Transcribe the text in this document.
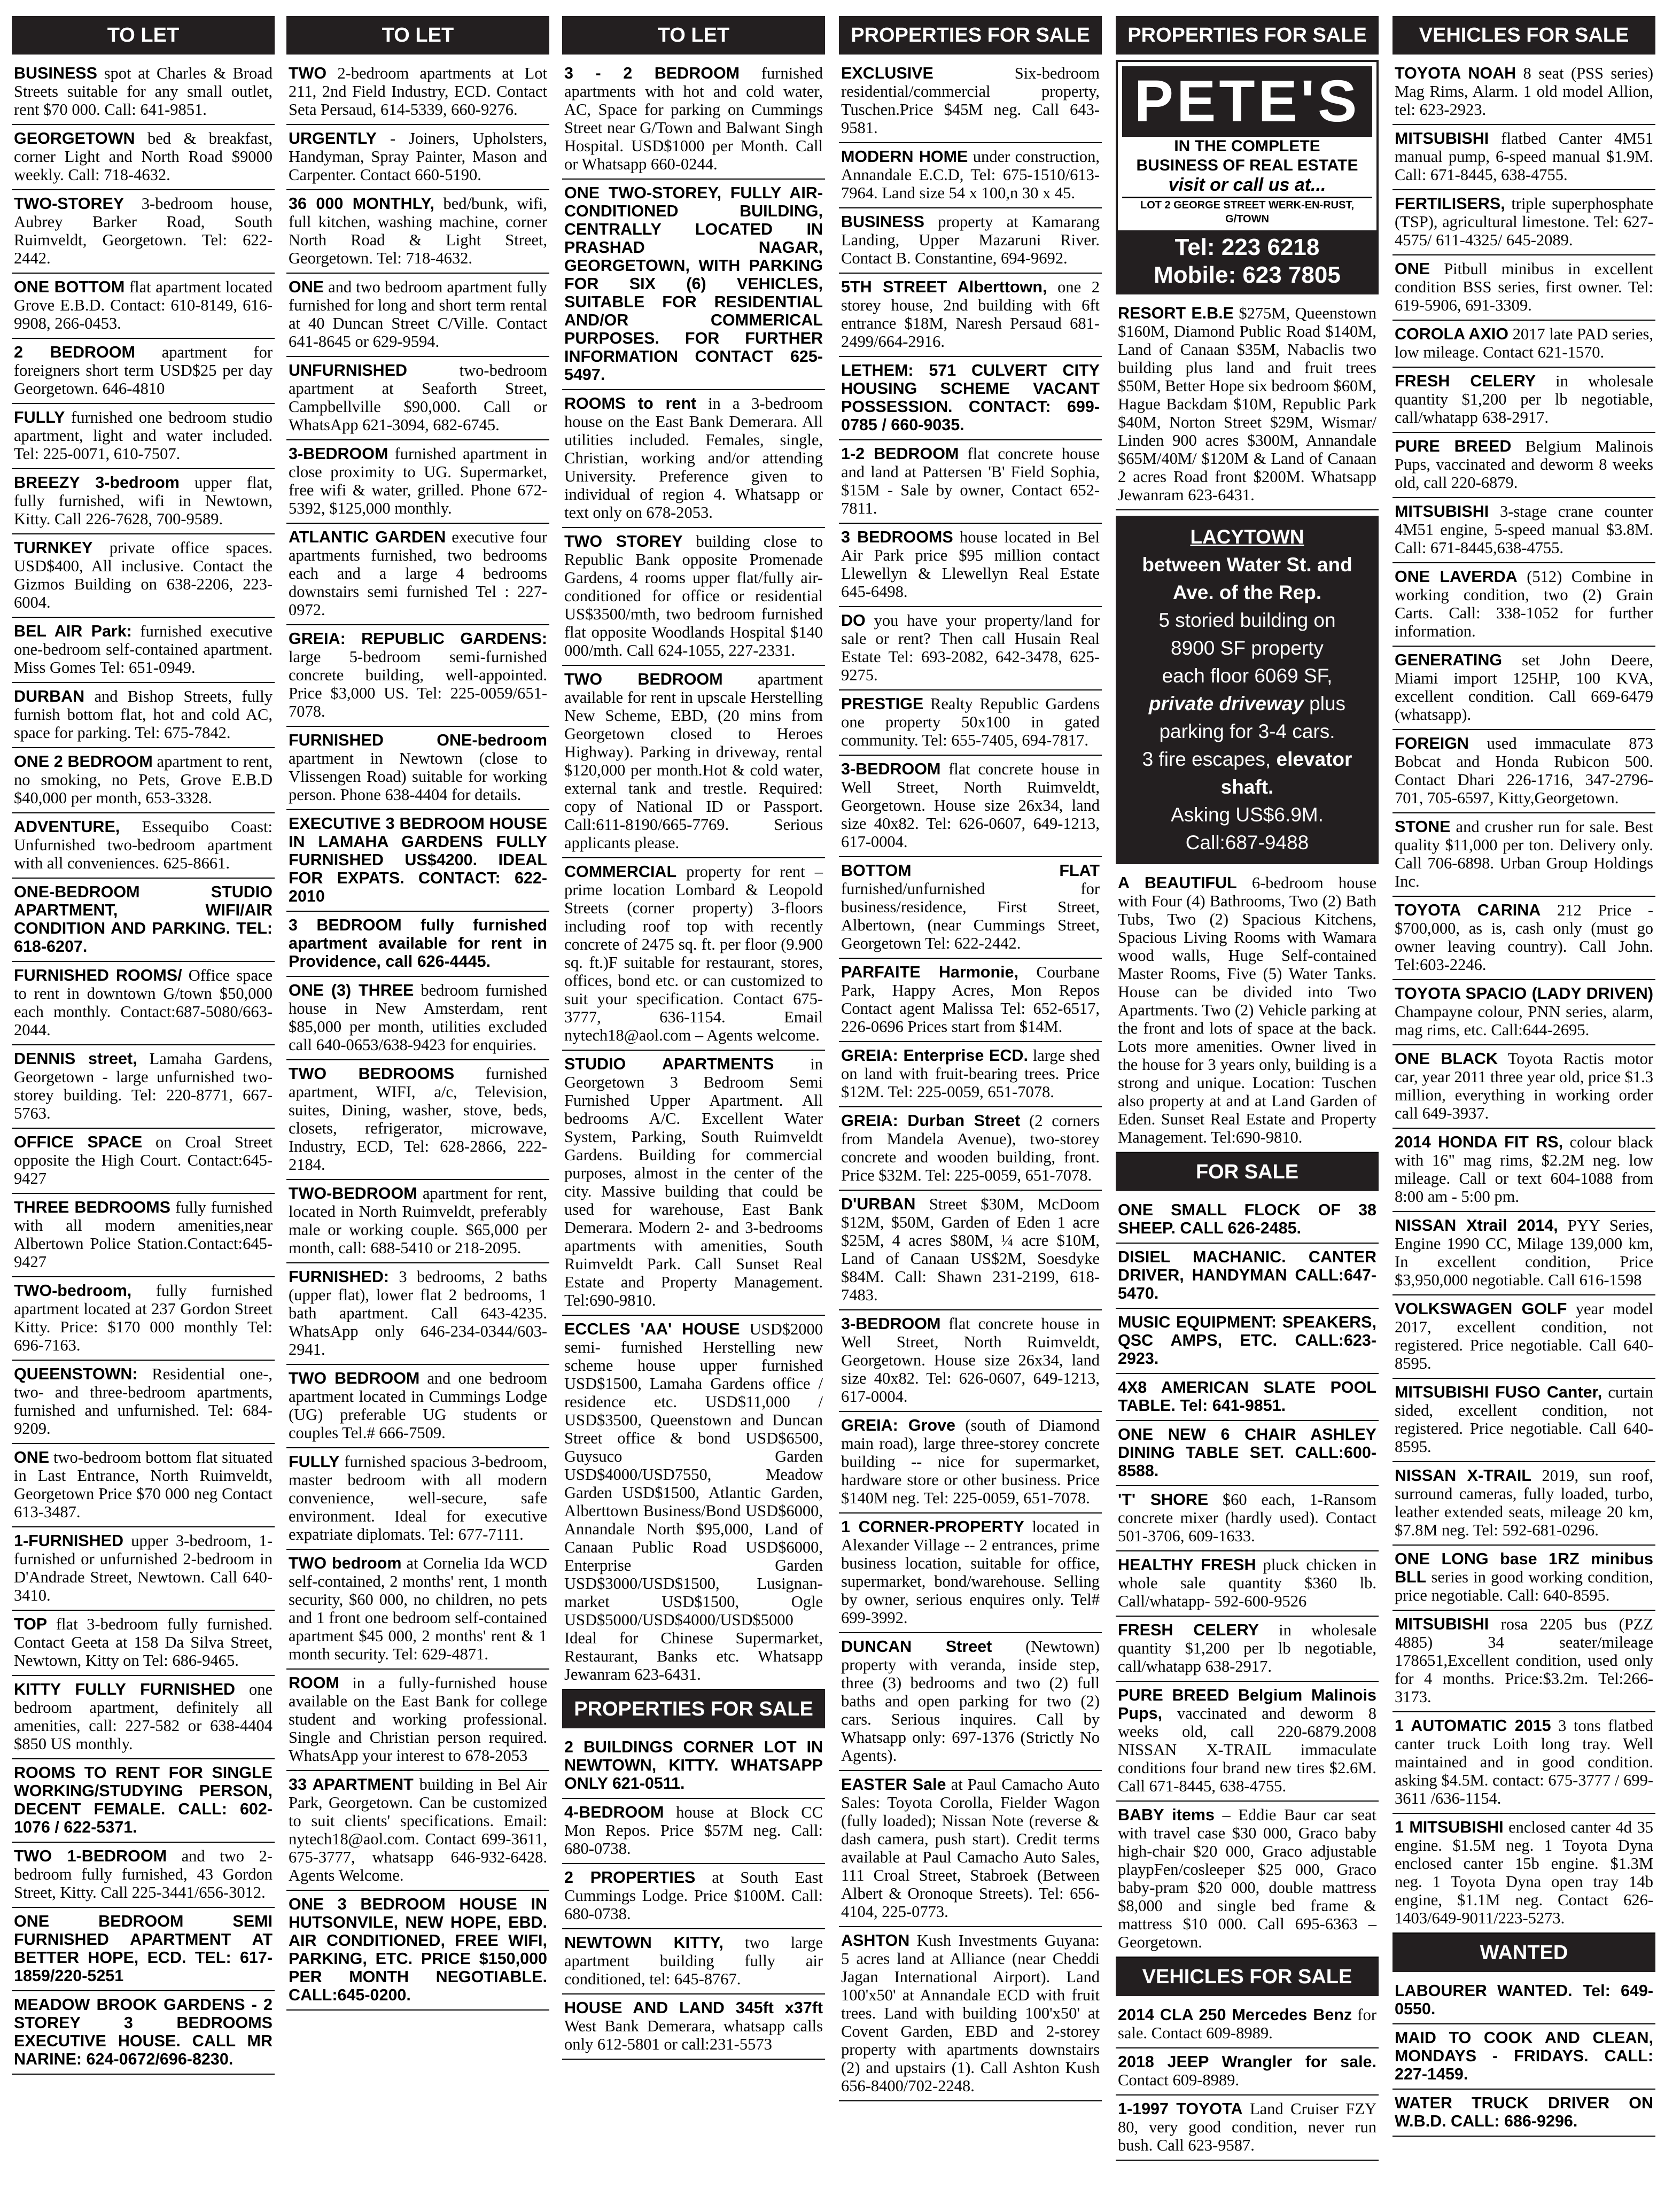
TO LET
BUSINESS spot at Charles & Broad Streets suitable for any small outlet, rent $70 000. Call: 641-9851.
GEORGETOWN bed & breakfast, corner Light and North Road $9000 weekly. Call: 718-4632.
TWO-STOREY 3-bedroom house, Aubrey Barker Road, South Ruimveldt, Georgetown. Tel: 622-2442.
ONE BOTTOM flat apartment located Grove E.B.D. Contact: 610-8149, 616-9908, 266-0453.
2 BEDROOM apartment for foreigners short term USD$25 per day Georgetown. 646-4810
FULLY furnished one bedroom studio apartment, light and water included. Tel: 225-0071, 610-7507.
BREEZY 3-bedroom upper flat, fully furnished, wifi in Newtown, Kitty. Call 226-7628, 700-9589.
TURNKEY private office spaces. USD$400, All inclusive. Contact the Gizmos Building on 638-2206, 223-6004.
BEL AIR Park: furnished executive one-bedroom self-contained apartment. Miss Gomes Tel: 651-0949.
DURBAN and Bishop Streets, fully furnish bottom flat, hot and cold AC, space for parking. Tel: 675-7842.
ONE 2 BEDROOM apartment to rent, no smoking, no Pets, Grove E.B.D $40,000 per month, 653-3328.
ADVENTURE, Essequibo Coast: Unfurnished two-bedroom apartment with all conveniences. 625-8661.
ONE-BEDROOM STUDIO APARTMENT, WIFI/AIR CONDITION AND PARKING. TEL: 618-6207.
FURNISHED ROOMS/ Office space to rent in downtown G/town $50,000 each monthly. Contact:687-5080/663-2044.
DENNIS street, Lamaha Gardens, Georgetown - large unfurnished two-storey building. Tel: 220-8771, 667-5763.
OFFICE SPACE on Croal Street opposite the High Court. Contact:645-9427
THREE BEDROOMS fully furnished with all modern amenities,near Albertown Police Station.Contact:645-9427
TWO-bedroom, fully furnished apartment located at 237 Gordon Street Kitty. Price: $170 000 monthly Tel: 696-7163.
QUEENSTOWN: Residential one-, two- and three-bedroom apartments, furnished and unfurnished. Tel: 684-9209.
ONE two-bedroom bottom flat situated in Last Entrance, North Ruimveldt, Georgetown Price $70 000 neg Contact 613-3487.
1-FURNISHED upper 3-bedroom, 1-furnished or unfurnished 2-bedroom in D'Andrade Street, Newtown. Call 640-3410.
TOP flat 3-bedroom fully furnished. Contact Geeta at 158 Da Silva Street, Newtown, Kitty on Tel: 686-9465.
KITTY FULLY FURNISHED one bedroom apartment, definitely all amenities, call: 227-582 or 638-4404 $850 US monthly.
ROOMS TO RENT FOR SINGLE WORKING/STUDYING PERSON, DECENT FEMALE. CALL: 602-1076 / 622-5371.
TWO 1-BEDROOM and two 2-bedroom fully furnished, 43 Gordon Street, Kitty. Call 225-3441/656-3012.
ONE BEDROOM SEMI FURNISHED APARTMENT AT BETTER HOPE, ECD. TEL: 617-1859/220-5251
MEADOW BROOK GARDENS - 2 STOREY 3 BEDROOMS EXECUTIVE HOUSE. CALL MR NARINE: 624-0672/696-8230.
TO LET
TWO 2-bedroom apartments at Lot 211, 2nd Field Industry, ECD. Contact Seta Persaud, 614-5339, 660-9276.
URGENTLY - Joiners, Upholsters, Handyman, Spray Painter, Mason and Carpenter. Contact 660-5190.
36 000 MONTHLY, bed/bunk, wifi, full kitchen, washing machine, corner North Road & Light Street, Georgetown. Tel: 718-4632.
ONE and two bedroom apartment fully furnished for long and short term rental at 40 Duncan Street C/Ville. Contact 641-8645 or 629-9594.
UNFURNISHED two-bedroom apartment at Seaforth Street, Campbellville $90,000. Call or WhatsApp 621-3094, 682-6745.
3-BEDROOM furnished apartment in close proximity to UG. Supermarket, free wifi & water, grilled. Phone 672-5392, $125,000 monthly.
ATLANTIC GARDEN executive four apartments furnished, two bedrooms each and a large 4 bedrooms downstairs semi furnished Tel : 227-0972.
GREIA: REPUBLIC GARDENS: large 5-bedroom semi-furnished concrete building, well-appointed. Price $3,000 US. Tel: 225-0059/651-7078.
FURNISHED ONE-bedroom apartment in Newtown (close to Vlissengen Road) suitable for working person. Phone 638-4404 for details.
EXECUTIVE 3 BEDROOM HOUSE IN LAMAHA GARDENS FULLY FURNISHED US$4200. IDEAL FOR EXPATS. CONTACT: 622-2010
3 BEDROOM fully furnished apartment available for rent in Providence, call 626-4445.
ONE (3) THREE bedroom furnished house in New Amsterdam, rent $85,000 per month, utilities excluded call 640-0653/638-9423 for enquiries.
TWO BEDROOMS furnished apartment, WIFI, a/c, Television, suites, Dining, washer, stove, beds, closets, refrigerator, microwave, Industry, ECD, Tel: 628-2866, 222-2184.
TWO-BEDROOM apartment for rent, located in North Ruimveldt, preferably male or working couple. $65,000 per month, call: 688-5410 or 218-2095.
FURNISHED: 3 bedrooms, 2 baths (upper flat), lower flat 2 bedrooms, 1 bath apartment. Call 643-4235. WhatsApp only 646-234-0344/603-2941.
TWO BEDROOM and one bedroom apartment located in Cummings Lodge (UG) preferable UG students or couples Tel.# 666-7509.
FULLY furnished spacious 3-bedroom, master bedroom with all modern convenience, well-secure, safe environment. Ideal for executive expatriate diplomats. Tel: 677-7111.
TWO bedroom at Cornelia Ida WCD self-contained, 2 months' rent, 1 month security, $60 000, no children, no pets and 1 front one bedroom self-contained apartment $45 000, 2 months' rent & 1 month security. Tel: 629-4871.
ROOM in a fully-furnished house available on the East Bank for college student and working professional. Single and Christian person required. WhatsApp your interest to 678-2053
33 APARTMENT building in Bel Air Park, Georgetown. Can be customized to suit clients' specifications. Email: nytech18@aol.com. Contact 699-3611, 675-3777, whatsapp 646-932-6428. Agents Welcome.
ONE 3 BEDROOM HOUSE IN HUTSONVILE, NEW HOPE, EBD. AIR CONDITIONED, FREE WIFI, PARKING, ETC. PRICE $150,000 PER MONTH NEGOTIABLE. CALL:645-0200.
TO LET
3 - 2 BEDROOM furnished apartments with hot and cold water, AC, Space for parking on Cummings Street near G/Town and Balwant Singh Hospital. USD$1000 per Month. Call or Whatsapp 660-0244.
ONE TWO-STOREY, FULLY AIR-CONDITIONED BUILDING, CENTRALLY LOCATED IN PRASHAD NAGAR, GEORGETOWN, WITH PARKING FOR SIX (6) VEHICLES, SUITABLE FOR RESIDENTIAL AND/OR COMMERICAL PURPOSES. FOR FURTHER INFORMATION CONTACT 625-5497.
ROOMS to rent in a 3-bedroom house on the East Bank Demerara. All utilities included. Females, single, Christian, working and/or attending University. Preference given to individual of region 4. Whatsapp or text only on 678-2053.
TWO STOREY building close to Republic Bank opposite Promenade Gardens, 4 rooms upper flat/fully air-conditioned for office or residential US$3500/mth, two bedroom furnished flat opposite Woodlands Hospital $140 000/mth. Call 624-1055, 227-2331.
TWO BEDROOM apartment available for rent in upscale Herstelling New Scheme, EBD, (20 mins from Georgetown closed to Heroes Highway). Parking in driveway, rental $120,000 per month.Hot & cold water, external tank and trestle. Required: copy of National ID or Passport. Call:611-8190/665-7769. Serious applicants please.
COMMERCIAL property for rent – prime location Lombard & Leopold Streets (corner property) 3-floors including roof top with recently concrete of 2475 sq. ft. per floor (9.900 sq. ft.)F suitable for restaurant, stores, offices, bond etc. or can customized to suit your specification. Contact 675-3777, 636-1154. Email nytech18@aol.com – Agents welcome.
STUDIO APARTMENTS in Georgetown 3 Bedroom Semi Furnished Upper Apartment. All bedrooms A/C. Excellent Water System, Parking, South Ruimveldt Gardens. Building for commercial purposes, almost in the center of the city. Massive building that could be used for warehouse, East Bank Demerara. Modern 2- and 3-bedrooms apartments with amenities, South Ruimveldt Park. Call Sunset Real Estate and Property Management. Tel:690-9810.
ECCLES 'AA' HOUSE USD$2000 semi- furnished Herstelling new scheme house upper furnished USD$1500, Lamaha Gardens office / residence etc. USD$11,000 / USD$3500, Queenstown and Duncan Street office & bond USD$6500, Guysuco Garden USD$4000/USD7550, Meadow Garden USD$1500, Atlantic Garden, Alberttown Business/Bond USD$6000, Annandale North $95,000, Land of Canaan Public Road USD$6000, Enterprise Garden USD$3000/USD$1500, Lusignan-market USD$1500, Ogle USD$5000/USD$4000/USD$5000 Ideal for Chinese Supermarket, Restaurant, Banks etc. Whatsapp Jewanram 623-6431.
PROPERTIES FOR SALE
2 BUILDINGS CORNER LOT IN NEWTOWN, KITTY. WHATSAPP ONLY 621-0511.
4-BEDROOM house at Block CC Mon Repos. Price $57M neg. Call: 680-0738.
2 PROPERTIES at South East Cummings Lodge. Price $100M. Call: 680-0738.
NEWTOWN KITTY, two large apartment building fully air conditioned, tel: 645-8767.
HOUSE AND LAND 345ft x37ft West Bank Demerara, whatsapp calls only 612-5801 or call:231-5573
PROPERTIES FOR SALE
EXCLUSIVE Six-bedroom residential/commercial property, Tuschen.Price $45M neg. Call 643-9581.
MODERN HOME under construction, Annandale E.C.D, Tel: 675-1510/613-7964. Land size 54 x 100,n 30 x 45.
BUSINESS property at Kamarang Landing, Upper Mazaruni River. Contact B. Constantine, 694-9692.
5TH STREET Alberttown, one 2 storey house, 2nd building with 6ft entrance $18M, Naresh Persaud 681-2499/664-2916.
LETHEM: 571 CULVERT CITY HOUSING SCHEME VACANT POSSESSION. CONTACT: 699-0785 / 660-9035.
1-2 BEDROOM flat concrete house and land at Pattersen 'B' Field Sophia, $15M - Sale by owner, Contact 652-7811.
3 BEDROOMS house located in Bel Air Park price $95 million contact Llewellyn & Llewellyn Real Estate 645-6498.
DO you have your property/land for sale or rent? Then call Husain Real Estate Tel: 693-2082, 642-3478, 625-9275.
PRESTIGE Realty Republic Gardens one property 50x100 in gated community. Tel: 655-7405, 694-7817.
3-BEDROOM flat concrete house in Well Street, North Ruimveldt, Georgetown. House size 26x34, land size 40x82. Tel: 626-0607, 649-1213, 617-0004.
BOTTOM FLAT furnished/unfurnished for business/residence, First Street, Albertown, (near Cummings Street, Georgetown Tel: 622-2442.
PARFAITE Harmonie, Courbane Park, Happy Acres, Mon Repos Contact agent Malissa Tel: 652-6517, 226-0696 Prices start from $14M.
GREIA: Enterprise ECD. large shed on land with fruit-bearing trees. Price $12M. Tel: 225-0059, 651-7078.
GREIA: Durban Street (2 corners from Mandela Avenue), two-storey concrete and wooden building, front. Price $32M. Tel: 225-0059, 651-7078.
D'URBAN Street $30M, McDoom $12M, $50M, Garden of Eden 1 acre $25M, 4 acres $80M, ¼ acre $10M, Land of Canaan US$2M, Soesdyke $84M. Call: Shawn 231-2199, 618-7483.
3-BEDROOM flat concrete house in Well Street, North Ruimveldt, Georgetown. House size 26x34, land size 40x82. Tel: 626-0607, 649-1213, 617-0004.
GREIA: Grove (south of Diamond main road), large three-storey concrete building -- nice for supermarket, hardware store or other business. Price $140M neg. Tel: 225-0059, 651-7078.
1 CORNER-PROPERTY located in Alexander Village -- 2 entrances, prime business location, suitable for office, supermarket, bond/warehouse. Selling by owner, serious enquires only. Tel# 699-3992.
DUNCAN Street (Newtown) property with veranda, inside step, three (3) bedrooms and two (2) full baths and open parking for two (2) cars. Serious inquires. Call by Whatsapp only: 697-1376 (Strictly No Agents).
EASTER Sale at Paul Camacho Auto Sales: Toyota Corolla, Fielder Wagon (fully loaded); Nissan Note (reverse & dash camera, push start). Credit terms available at Paul Camacho Auto Sales, 111 Croal Street, Stabroek (Between Albert & Oronoque Streets). Tel: 656-4104, 225-0773.
ASHTON Kush Investments Guyana: 5 acres land at Alliance (near Cheddi Jagan International Airport). Land 100'x50' at Annandale ECD with fruit trees. Land with building 100'x50' at Covent Garden, EBD and 2-storey property with apartments downstairs (2) and upstairs (1). Call Ashton Kush 656-8400/702-2248.
PROPERTIES FOR SALE
PETE'S
IN THE COMPLETE
BUSINESS OF REAL ESTATE
visit or call us at...
LOT 2 GEORGE STREET WERK-EN-RUST, G/TOWN
Tel: 223 6218
Mobile: 623 7805
RESORT E.B.E $275M, Queenstown $160M, Diamond Public Road $140M, Land of Canaan $35M, Nabaclis two building plus land and fruit trees $50M, Better Hope six bedroom $60M, Hague Backdam $10M, Republic Park $40M, Norton Street $29M, Wismar/ Linden 900 acres $300M, Annandale $65M/40M/ $120M & Land of Canaan 2 acres Road front $200M. Whatsapp Jewanram 623-6431.
LACYTOWN
between Water St. and
Ave. of the Rep.
5 storied building on
8900 SF property
each floor 6069 SF,
private driveway plus
parking for 3-4 cars.
3 fire escapes, elevator
shaft.
Asking US$6.9M.
Call:687-9488
A BEAUTIFUL 6-bedroom house with Four (4) Bathrooms, Two (2) Bath Tubs, Two (2) Spacious Kitchens, Spacious Living Rooms with Wamara wood walls, Huge Self-contained Master Rooms, Five (5) Water Tanks. House can be divided into Two Apartments. Two (2) Vehicle parking at the front and lots of space at the back. Lots more amenities. Owner lived in the house for 3 years only, building is a strong and unique. Location: Tuschen also property at and at Land Garden of Eden. Sunset Real Estate and Property Management. Tel:690-9810.
FOR SALE
ONE SMALL FLOCK OF 38 SHEEP. CALL 626-2485.
DISIEL MACHANIC. CANTER DRIVER, HANDYMAN CALL:647-5470.
MUSIC EQUIPMENT: SPEAKERS, QSC AMPS, ETC. CALL:623-2923.
4X8 AMERICAN SLATE POOL TABLE. Tel: 641-9851.
ONE NEW 6 CHAIR ASHLEY DINING TABLE SET. CALL:600-8588.
'T' SHORE $60 each, 1-Ransom concrete mixer (hardly used). Contact 501-3706, 609-1633.
HEALTHY FRESH pluck chicken in whole sale quantity $360 lb. Call/whatapp- 592-600-9526
FRESH CELERY in wholesale quantity $1,200 per lb negotiable, call/whatapp 638-2917.
PURE BREED Belgium Malinois Pups, vaccinated and deworm 8 weeks old, call 220-6879.2008 NISSAN X-TRAIL immaculate conditions four brand new tires $2.6M. Call 671-8445, 638-4755.
BABY items – Eddie Baur car seat with travel case $30 000, Graco baby high-chair $20 000, Graco adjustable playpFen/cosleeper $25 000, Graco baby-pram $20 000, double mattress $8,000 and single bed frame & mattress $10 000. Call 695-6363 – Georgetown.
VEHICLES FOR SALE
2014 CLA 250 Mercedes Benz for sale. Contact 609-8989.
2018 JEEP Wrangler for sale. Contact 609-8989.
1-1997 TOYOTA Land Cruiser FZY 80, very good condition, never run bush. Call 623-9587.
VEHICLES FOR SALE
TOYOTA NOAH 8 seat (PSS series) Mag Rims, Alarm. 1 old model Allion, tel: 623-2923.
MITSUBISHI flatbed Canter 4M51 manual pump, 6-speed manual $1.9M. Call: 671-8445, 638-4755.
FERTILISERS, triple superphosphate (TSP), agricultural limestone. Tel: 627-4575/ 611-4325/ 645-2089.
ONE Pitbull minibus in excellent condition BSS series, first owner. Tel: 619-5906, 691-3309.
COROLA AXIO 2017 late PAD series, low mileage. Contact 621-1570.
FRESH CELERY in wholesale quantity $1,200 per lb negotiable, call/whatapp 638-2917.
PURE BREED Belgium Malinois Pups, vaccinated and deworm 8 weeks old, call 220-6879.
MITSUBISHI 3-stage crane counter 4M51 engine, 5-speed manual $3.8M. Call: 671-8445,638-4755.
ONE LAVERDA (512) Combine in working condition, two (2) Grain Carts. Call: 338-1052 for further information.
GENERATING set John Deere, Miami import 125HP, 100 KVA, excellent condition. Call 669-6479 (whatsapp).
FOREIGN used immaculate 873 Bobcat and Honda Rubicon 500. Contact Dhari 226-1716, 347-2796-701, 705-6597, Kitty,Georgetown.
STONE and crusher run for sale. Best quality $11,000 per ton. Delivery only. Call 706-6898. Urban Group Holdings Inc.
TOYOTA CARINA 212 Price - $700,000, as is, cash only (must go owner leaving country). Call John. Tel:603-2246.
TOYOTA SPACIO (LADY DRIVEN) Champayne colour, PNN series, alarm, mag rims, etc. Call:644-2695.
ONE BLACK Toyota Ractis motor car, year 2011 three year old, price $1.3 million, everything in working order call 649-3937.
2014 HONDA FIT RS, colour black with 16" mag rims, $2.2M neg. low mileage. Call or text 604-1088 from 8:00 am - 5:00 pm.
NISSAN Xtrail 2014, PYY Series, Engine 1990 CC, Milage 139,000 km, In excellent condition, Price $3,950,000 negotiable. Call 616-1598
VOLKSWAGEN GOLF year model 2017, excellent condition, not registered. Price negotiable. Call 640-8595.
MITSUBISHI FUSO Canter, curtain sided, excellent condition, not registered. Price negotiable. Call 640-8595.
NISSAN X-TRAIL 2019, sun roof, surround cameras, fully loaded, turbo, leather extended seats, mileage 20 km, $7.8M neg. Tel: 592-681-0296.
ONE LONG base 1RZ minibus BLL series in good working condition, price negotiable. Call: 640-8595.
MITSUBISHI rosa 2205 bus (PZZ 4885) 34 seater/mileage 178651,Excellent condition, used only for 4 months. Price:$3.2m. Tel:266-3173.
1 AUTOMATIC 2015 3 tons flatbed canter truck Loith long tray. Well maintained and in good condition. asking $4.5M. contact: 675-3777 / 699-3611 /636-1154.
1 MITSUBISHI enclosed canter 4d 35 engine. $1.5M neg. 1 Toyota Dyna enclosed canter 15b engine. $1.3M neg. 1 Toyota Dyna open tray 14b engine, $1.1M neg. Contact 626-1403/649-9011/223-5273.
WANTED
LABOURER WANTED. Tel: 649-0550.
MAID TO COOK AND CLEAN, MONDAYS - FRIDAYS. CALL: 227-1459.
WATER TRUCK DRIVER ON W.B.D. CALL: 686-9296.
